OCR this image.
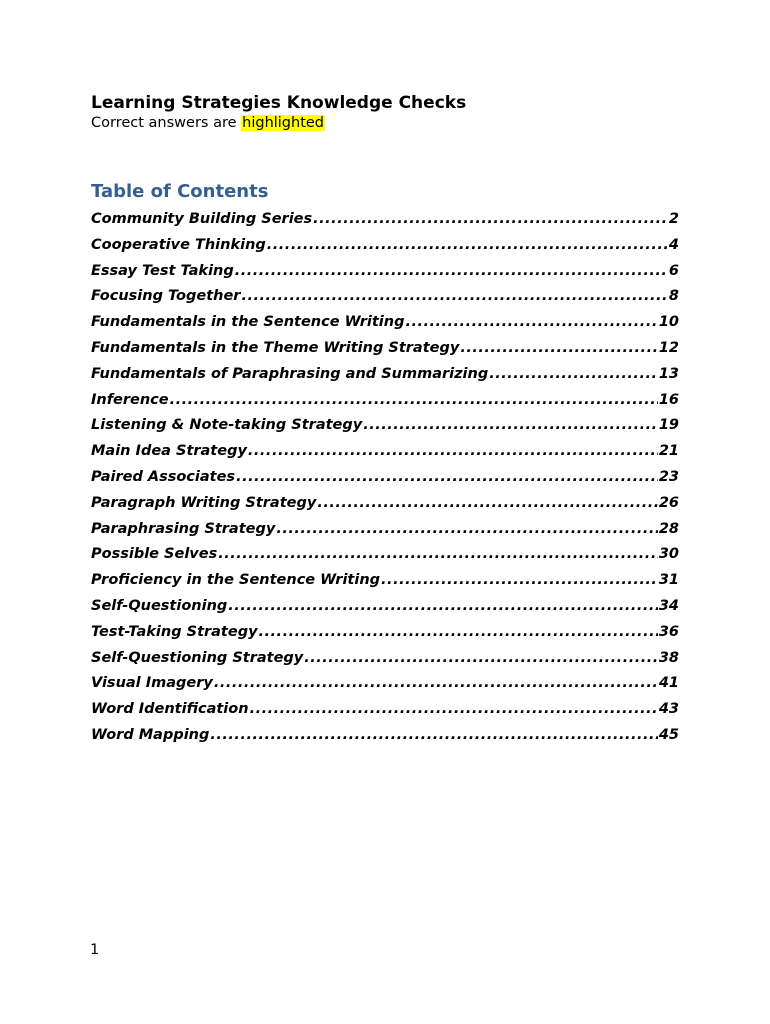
Learning Strategies Knowledge Checks
Correct answers are highlighted
Table of Contents
Community Building Series .....	2
Cooperative Thinking .....	4
Essay Test Taking .....	6
Focusing Together .....	8
Fundamentals in the Sentence Writing .....	10
Fundamentals in the Theme Writing Strategy .....	12
Fundamentals of Paraphrasing and Summarizing .....	13
Inference .....	16
Listening & Note-taking Strategy .....	19
Main Idea Strategy .....	21
Paired Associates .....	23
Paragraph Writing Strategy .....	26
Paraphrasing Strategy .....	28
Possible Selves .....	30
Proficiency in the Sentence Writing .....	31
Self-Questioning .....	34
Test-Taking Strategy .....	36
Self-Questioning Strategy .....	38
Visual Imagery .....	41
Word Identification .....	43
Word Mapping .....	45
1
